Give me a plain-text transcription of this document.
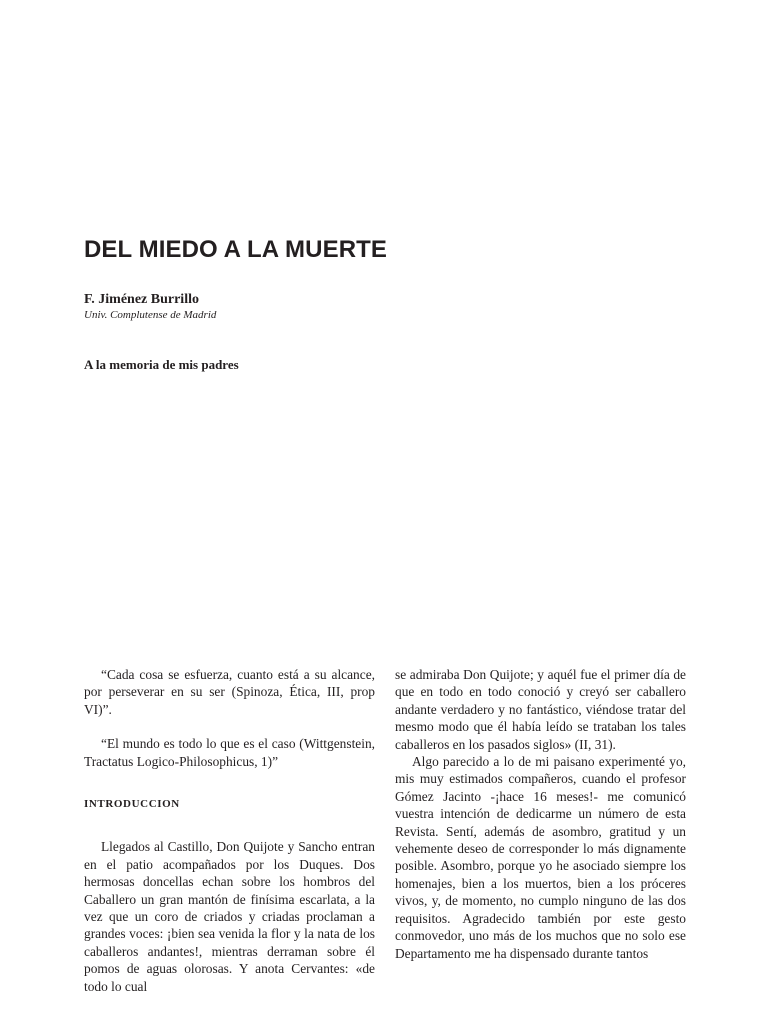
DEL MIEDO A LA MUERTE
F. Jiménez Burrillo
Univ. Complutense de Madrid
A la memoria de mis padres

“Cada cosa se esfuerza, cuanto está a su alcance, por perseverar en su ser (Spinoza, Ética, III, prop VI)”.

“El mundo es todo lo que es el caso (Wittgenstein, Tractatus Logico-Philosophicus, 1)”

INTRODUCCION

Llegados al Castillo, Don Quijote y Sancho entran en el patio acompañados por los Duques. Dos hermosas doncellas echan sobre los hombros del Caballero un gran mantón de finísima escarlata, a la vez que un coro de criados y criadas proclaman a grandes voces: ¡bien sea venida la flor y la nata de los caballeros andantes!, mientras derraman sobre él pomos de aguas olorosas. Y anota Cervantes: «de todo lo cual

se admiraba Don Quijote; y aquél fue el primer día de que en todo en todo conoció y creyó ser caballero andante verdadero y no fantástico, viéndose tratar del mesmo modo que él había leído se trataban los tales caballeros en los pasados siglos» (II, 31).

Algo parecido a lo de mi paisano experimenté yo, mis muy estimados compañeros, cuando el profesor Gómez Jacinto -¡hace 16 meses!- me comunicó vuestra intención de dedicarme un número de esta Revista. Sentí, además de asombro, gratitud y un vehemente deseo de corresponder lo más dignamente posible. Asombro, porque yo he asociado siempre los homenajes, bien a los muertos, bien a los próceres vivos, y, de momento, no cumplo ninguno de las dos requisitos. Agradecido también por este gesto conmovedor, uno más de los muchos que no solo ese Departamento me ha dispensado durante tantos
